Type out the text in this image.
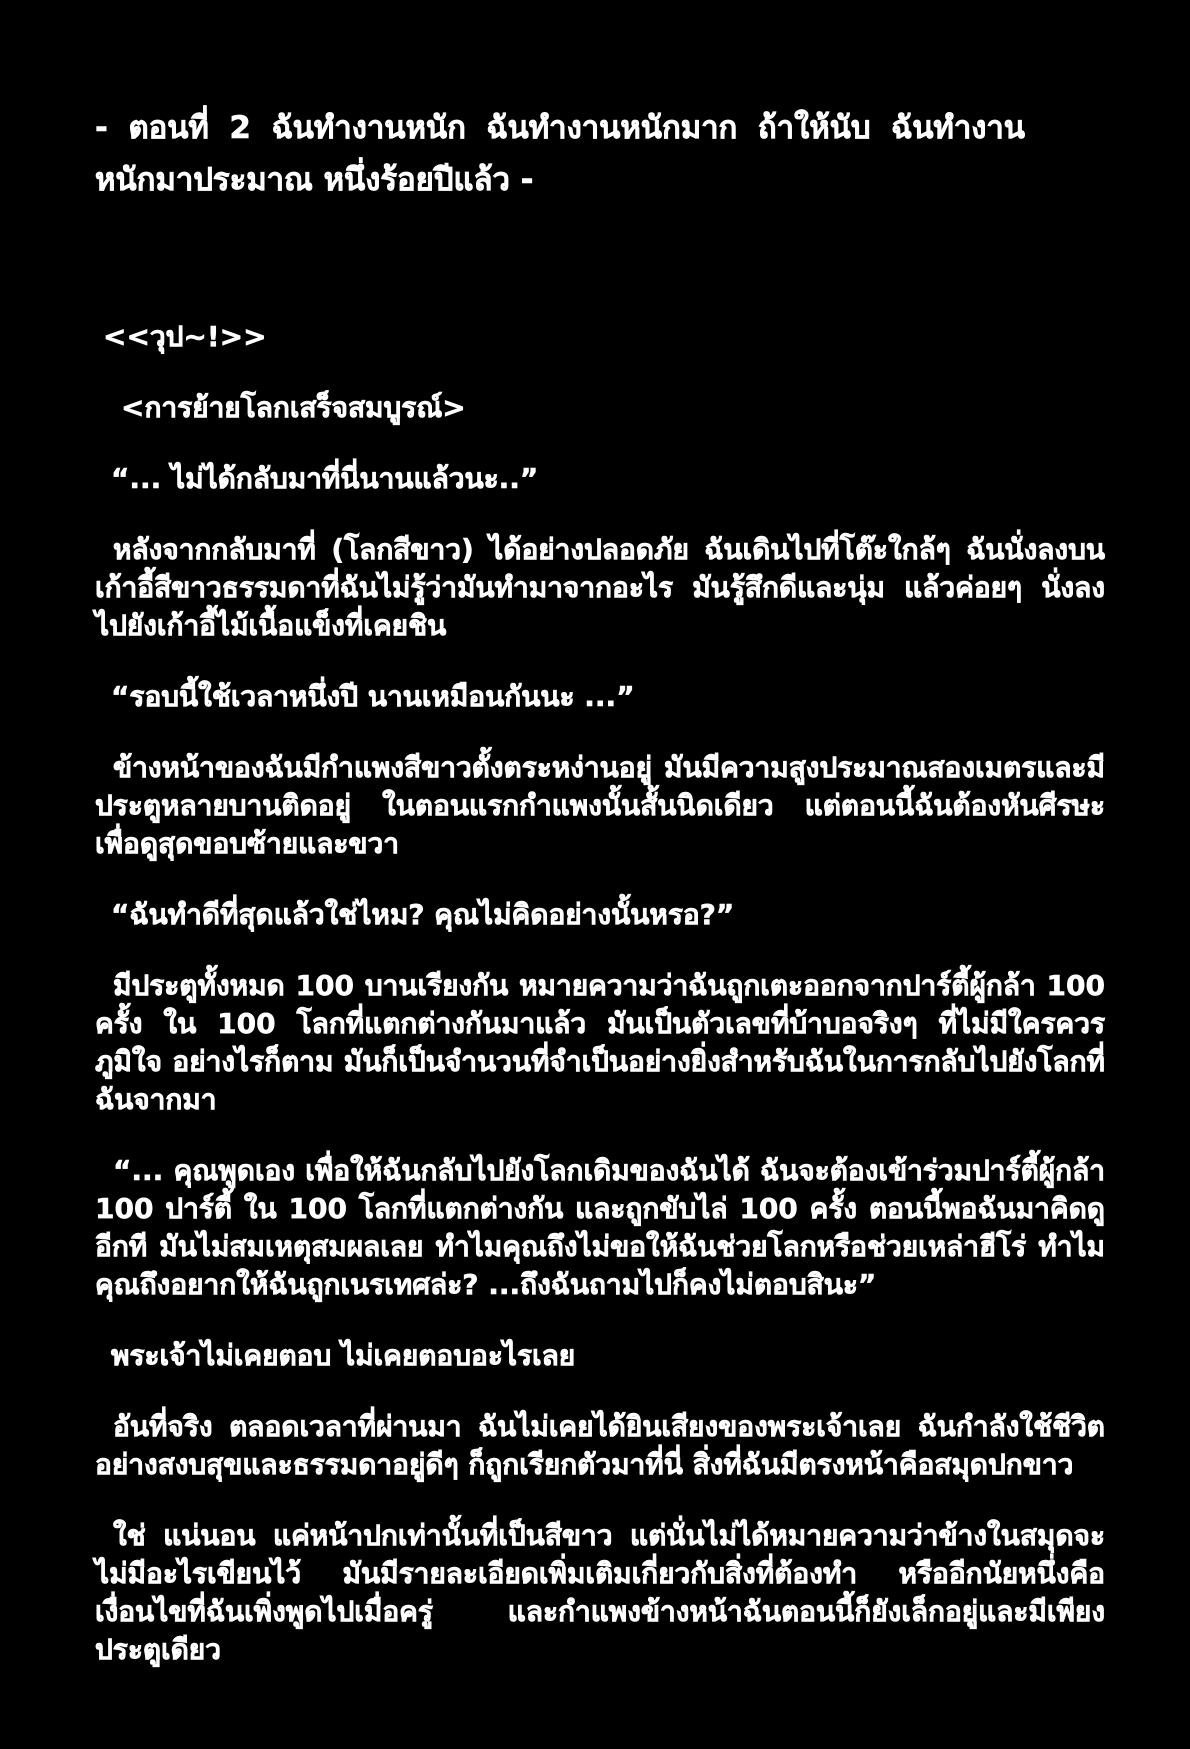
- ตอนที่ 2 ฉันทำงานหนัก ฉันทำงานหนักมาก ถ้าให้นับ ฉันทำงานหนักมาประมาณ หนึ่งร้อยปีแล้ว -
<<วุป~!>>
<การย้ายโลกเสร็จสมบูรณ์>
“... ไม่ได้กลับมาที่นี่นานแล้วนะ..”
หลังจากกลับมาที่ (โลกสีขาว) ได้อย่างปลอดภัย ฉันเดินไปที่โต๊ะใกล้ๆ ฉันนั่งลงบนเก้าอี้สีขาวธรรมดาที่ฉันไม่รู้ว่ามันทำมาจากอะไร มันรู้สึกดีและนุ่ม แล้วค่อยๆ นั่งลงไปยังเก้าอี้ไม้เนื้อแข็งที่เคยชิน
“รอบนี้ใช้เวลาหนึ่งปี นานเหมือนกันนะ ...”
ข้างหน้าของฉันมีกำแพงสีขาวตั้งตระหง่านอยู่ มันมีความสูงประมาณสองเมตรและมีประตูหลายบานติดอยู่ ในตอนแรกกำแพงนั้นสั้นนิดเดียว แต่ตอนนี้ฉันต้องหันศีรษะเพื่อดูสุดขอบซ้ายและขวา
“ฉันทำดีที่สุดแล้วใช่ไหม? คุณไม่คิดอย่างนั้นหรอ?”
มีประตูทั้งหมด 100 บานเรียงกัน หมายความว่าฉันถูกเตะออกจากปาร์ตี้ผู้กล้า 100 ครั้ง ใน 100 โลกที่แตกต่างกันมาแล้ว มันเป็นตัวเลขที่บ้าบอจริงๆ ที่ไม่มีใครควรภูมิใจ อย่างไรก็ตาม มันก็เป็นจำนวนที่จำเป็นอย่างยิ่งสำหรับฉันในการกลับไปยังโลกที่ฉันจากมา
“... คุณพูดเอง เพื่อให้ฉันกลับไปยังโลกเดิมของฉันได้ ฉันจะต้องเข้าร่วมปาร์ตี้ผู้กล้า 100 ปาร์ตี้ ใน 100 โลกที่แตกต่างกัน และถูกขับไล่ 100 ครั้ง ตอนนี้พอฉันมาคิดดูอีกที มันไม่สมเหตุสมผลเลย ทำไมคุณถึงไม่ขอให้ฉันช่วยโลกหรือช่วยเหล่าฮีโร่ ทำไมคุณถึงอยากให้ฉันถูกเนรเทศล่ะ? ...ถึงฉันถามไปก็คงไม่ตอบสินะ”
พระเจ้าไม่เคยตอบ ไม่เคยตอบอะไรเลย
อันที่จริง ตลอดเวลาที่ผ่านมา ฉันไม่เคยได้ยินเสียงของพระเจ้าเลย ฉันกำลังใช้ชีวิตอย่างสงบสุขและธรรมดาอยู่ดีๆ ก็ถูกเรียกตัวมาที่นี่ สิ่งที่ฉันมีตรงหน้าคือสมุดปกขาว
ใช่ แน่นอน แค่หน้าปกเท่านั้นที่เป็นสีขาว แต่นั่นไม่ได้หมายความว่าข้างในสมุดจะไม่มีอะไรเขียนไว้ มันมีรายละเอียดเพิ่มเติมเกี่ยวกับสิ่งที่ต้องทำ หรืออีกนัยหนึ่งคือเงื่อนไขที่ฉันเพิ่งพูดไปเมื่อครู่ และกำแพงข้างหน้าฉันตอนนี้ก็ยังเล็กอยู่และมีเพียงประตูเดียว
